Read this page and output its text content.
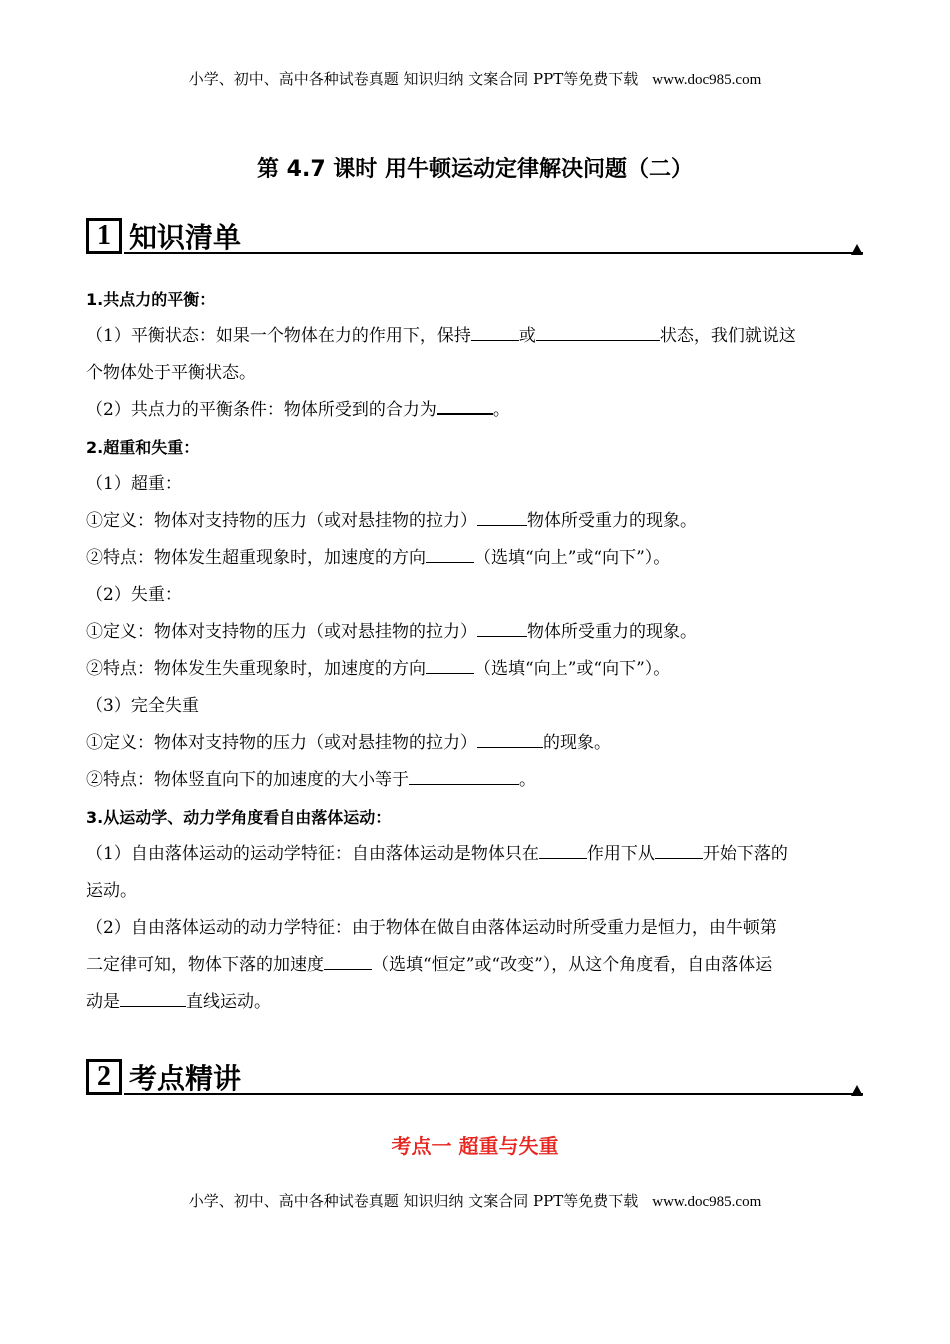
小学、初中、高中各种试卷真题 知识归纳 文案合同 PPT等免费下载 www.doc985.com
第 4.7 课时 用牛顿运动定律解决问题（二）
1 知识清单
1.共点力的平衡：
（1）平衡状态：如果一个物体在力的作用下，保持	或	状态，我们就说这
个物体处于平衡状态。
（2）共点力的平衡条件：物体所受到的合力为	。
2.超重和失重：
（1）超重：
①定义：物体对支持物的压力（或对悬挂物的拉力）	物体所受重力的现象。
②特点：物体发生超重现象时，加速度的方向	（选填“向上”或“向下”）。
（2）失重：
①定义：物体对支持物的压力（或对悬挂物的拉力）	物体所受重力的现象。
②特点：物体发生失重现象时，加速度的方向	（选填“向上”或“向下”）。
（3）完全失重
①定义：物体对支持物的压力（或对悬挂物的拉力）	的现象。
②特点：物体竖直向下的加速度的大小等于	。
3.从运动学、动力学角度看自由落体运动：
（1）自由落体运动的运动学特征：自由落体运动是物体只在	作用下从	开始下落的
运动。
（2）自由落体运动的动力学特征：由于物体在做自由落体运动时所受重力是恒力，由牛顿第
二定律可知，物体下落的加速度	（选填“恒定”或“改变”），从这个角度看，自由落体运
动是	直线运动。
2 考点精讲
考点一 超重与失重
小学、初中、高中各种试卷真题 知识归纳 文案合同 PPT等免费下载 www.doc985.com
